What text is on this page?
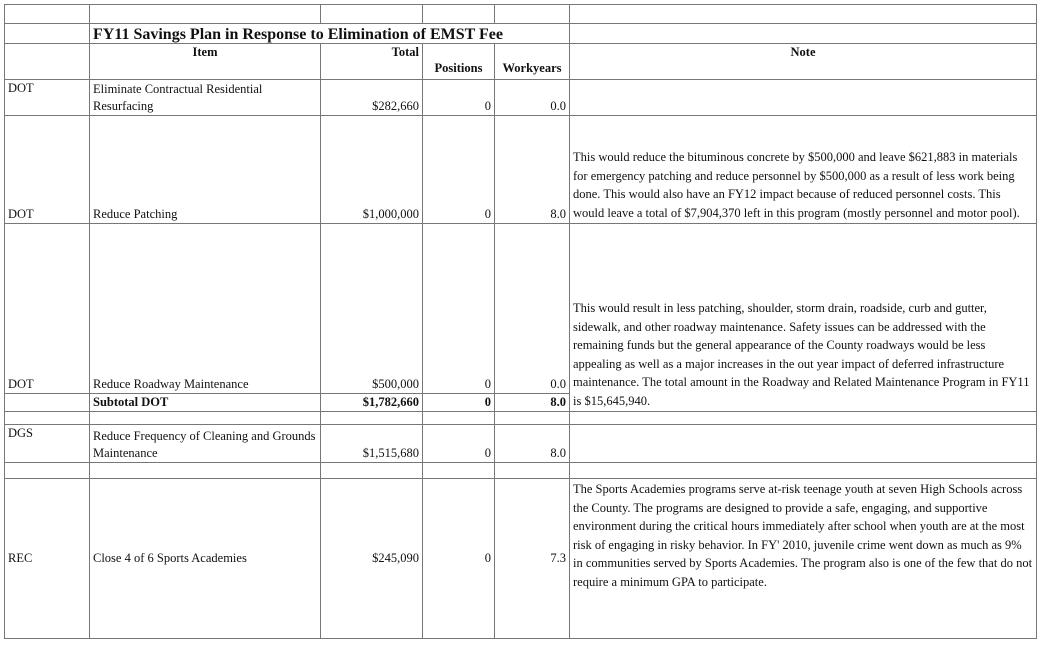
	FY11 Savings Plan in Response to Elimination of EMST Fee				
	Item	Total	Positions	Workyears	Note
DOT	Eliminate Contractual Residential Resurfacing	$282,660	0	0.0	
DOT	Reduce Patching	$1,000,000	0	8.0	This would reduce the bituminous concrete by $500,000 and leave $621,883 in materials for emergency patching and reduce personnel by $500,000 as a result of less work being done. This would also have an FY12 impact because of reduced personnel costs. This would leave a total of $7,904,370 left in this program (mostly personnel and motor pool).
DOT	Reduce Roadway Maintenance	$500,000	0	0.0	This would result in less patching, shoulder, storm drain, roadside, curb and gutter, sidewalk, and other roadway maintenance. Safety issues can be addressed with the remaining funds but the general appearance of the County roadways would be less appealing as well as a major increases in the out year impact of deferred infrastructure maintenance. The total amount in the Roadway and Related Maintenance Program in FY11 is $15,645,940.
	Subtotal DOT	$1,782,660	0	8.0	

DGS	Reduce Frequency of Cleaning and Grounds Maintenance	$1,515,680	0	8.0	

REC	Close 4 of 6 Sports Academies	$245,090	0	7.3	The Sports Academies programs serve at-risk teenage youth at seven High Schools across the County. The programs are designed to provide a safe, engaging, and supportive environment during the critical hours immediately after school when youth are at the most risk of engaging in risky behavior. In FY' 2010, juvenile crime went down as much as 9% in communities served by Sports Academies. The program also is one of the few that do not require a minimum GPA to participate.
